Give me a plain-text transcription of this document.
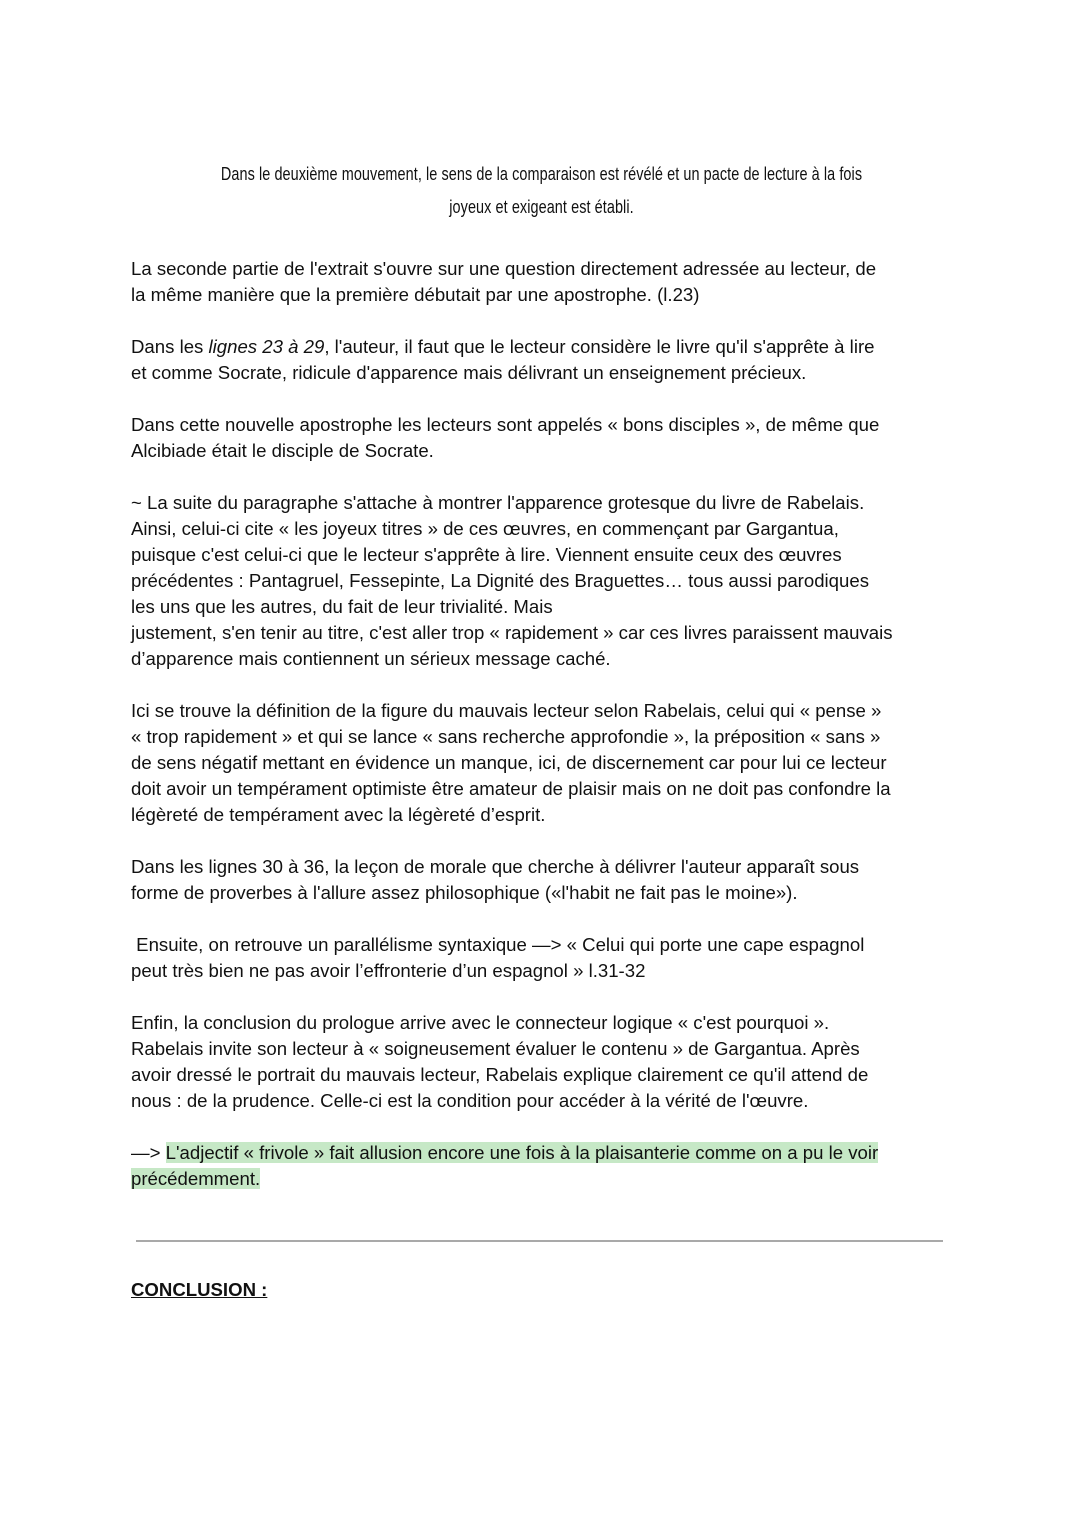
Dans le deuxième mouvement, le sens de la comparaison est révélé et un pacte de lecture à la fois
joyeux et exigeant est établi.
La seconde partie de l'extrait s'ouvre sur une question directement adressée au lecteur, de
la même manière que la première débutait par une apostrophe. (l.23)
Dans les lignes 23 à 29, l'auteur, il faut que le lecteur considère le livre qu'il s'apprête à lire
et comme Socrate, ridicule d'apparence mais délivrant un enseignement précieux.
Dans cette nouvelle apostrophe les lecteurs sont appelés « bons disciples », de même que
Alcibiade était le disciple de Socrate.
~ La suite du paragraphe s'attache à montrer l'apparence grotesque du livre de Rabelais.
Ainsi, celui-ci cite « les joyeux titres » de ces œuvres, en commençant par Gargantua,
puisque c'est celui-ci que le lecteur s'apprête à lire. Viennent ensuite ceux des œuvres
précédentes : Pantagruel, Fessepinte, La Dignité des Braguettes… tous aussi parodiques
les uns que les autres, du fait de leur trivialité. Mais
justement, s'en tenir au titre, c'est aller trop « rapidement » car ces livres paraissent mauvais
d’apparence mais contiennent un sérieux message caché.
Ici se trouve la définition de la figure du mauvais lecteur selon Rabelais, celui qui « pense »
« trop rapidement » et qui se lance « sans recherche approfondie », la préposition « sans »
de sens négatif mettant en évidence un manque, ici, de discernement car pour lui ce lecteur
doit avoir un tempérament optimiste être amateur de plaisir mais on ne doit pas confondre la
légèreté de tempérament avec la légèreté d’esprit.
Dans les lignes 30 à 36, la leçon de morale que cherche à délivrer l'auteur apparaît sous
forme de proverbes à l'allure assez philosophique («l'habit ne fait pas le moine»).
Ensuite, on retrouve un parallélisme syntaxique —> « Celui qui porte une cape espagnol
peut très bien ne pas avoir l’effronterie d’un espagnol » l.31-32
Enfin, la conclusion du prologue arrive avec le connecteur logique « c'est pourquoi ».
Rabelais invite son lecteur à « soigneusement évaluer le contenu » de Gargantua. Après
avoir dressé le portrait du mauvais lecteur, Rabelais explique clairement ce qu'il attend de
nous : de la prudence. Celle-ci est la condition pour accéder à la vérité de l'œuvre.
—> L'adjectif « frivole » fait allusion encore une fois à la plaisanterie comme on a pu le voir
précédemment.
CONCLUSION :
